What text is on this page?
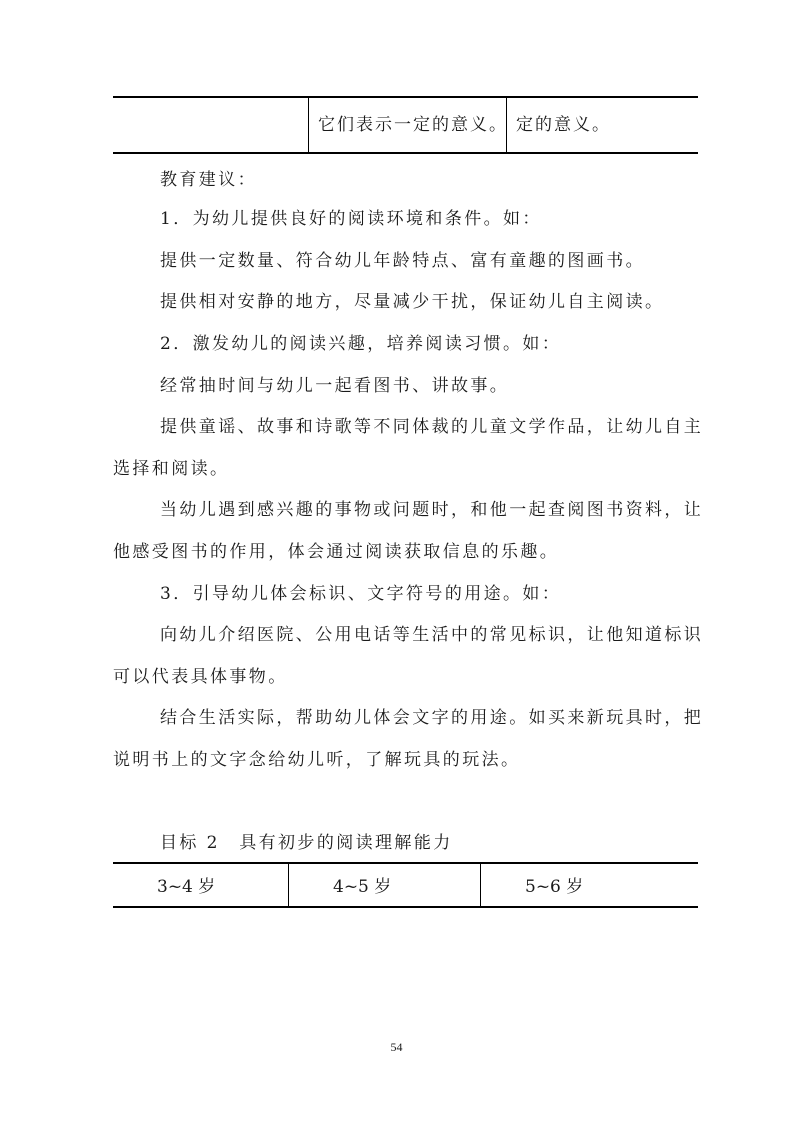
它们表示一定的意义。 定的意义。
教育建议：
1．为幼儿提供良好的阅读环境和条件。如：
提供一定数量、符合幼儿年龄特点、富有童趣的图画书。
提供相对安静的地方，尽量减少干扰，保证幼儿自主阅读。
2．激发幼儿的阅读兴趣，培养阅读习惯。如：
经常抽时间与幼儿一起看图书、讲故事。
提供童谣、故事和诗歌等不同体裁的儿童文学作品，让幼儿自主
选择和阅读。
当幼儿遇到感兴趣的事物或问题时，和他一起查阅图书资料，让
他感受图书的作用，体会通过阅读获取信息的乐趣。
3．引导幼儿体会标识、文字符号的用途。如：
向幼儿介绍医院、公用电话等生活中的常见标识，让他知道标识
可以代表具体事物。
结合生活实际，帮助幼儿体会文字的用途。如买来新玩具时，把
说明书上的文字念给幼儿听，了解玩具的玩法。
目标 2　具有初步的阅读理解能力
3~4 岁	4~5 岁	5~6 岁
54
